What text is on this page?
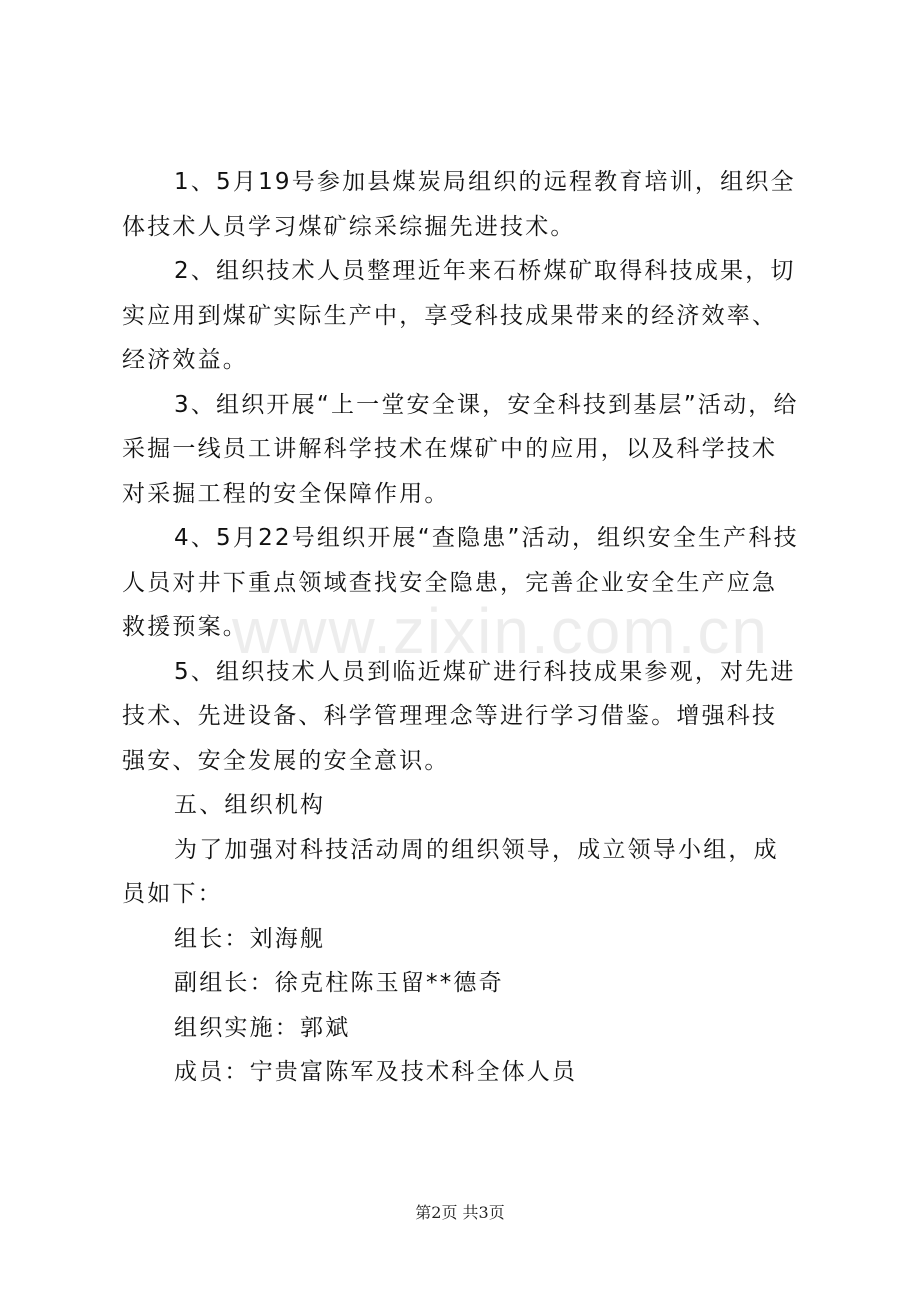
www.zixin.com.cn

1、5月19号参加县煤炭局组织的远程教育培训，组织全体技术人员学习煤矿综采综掘先进技术。

2、组织技术人员整理近年来石桥煤矿取得科技成果，切实应用到煤矿实际生产中，享受科技成果带来的经济效率、经济效益。

3、组织开展“上一堂安全课，安全科技到基层”活动，给采掘一线员工讲解科学技术在煤矿中的应用，以及科学技术对采掘工程的安全保障作用。

4、5月22号组织开展“查隐患”活动，组织安全生产科技人员对井下重点领域查找安全隐患，完善企业安全生产应急救援预案。

5、组织技术人员到临近煤矿进行科技成果参观，对先进技术、先进设备、科学管理理念等进行学习借鉴。增强科技强安、安全发展的安全意识。

五、组织机构

为了加强对科技活动周的组织领导，成立领导小组，成员如下：

组长：刘海舰

副组长：徐克柱陈玉留**德奇

组织实施：郭斌

成员：宁贵富陈军及技术科全体人员

第2页 共3页
